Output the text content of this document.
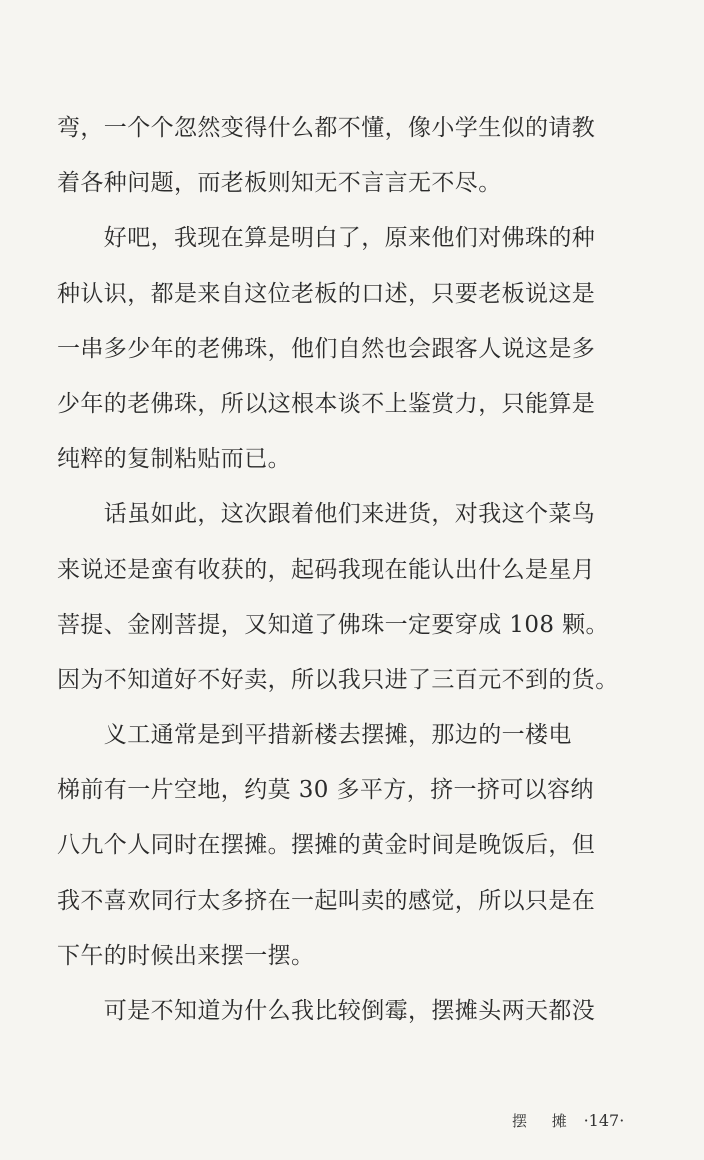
弯，一个个忽然变得什么都不懂，像小学生似的请教
着各种问题，而老板则知无不言言无不尽。
　　好吧，我现在算是明白了，原来他们对佛珠的种
种认识，都是来自这位老板的口述，只要老板说这是
一串多少年的老佛珠，他们自然也会跟客人说这是多
少年的老佛珠，所以这根本谈不上鉴赏力，只能算是
纯粹的复制粘贴而已。
　　话虽如此，这次跟着他们来进货，对我这个菜鸟
来说还是蛮有收获的，起码我现在能认出什么是星月
菩提、金刚菩提，又知道了佛珠一定要穿成 108 颗。
因为不知道好不好卖，所以我只进了三百元不到的货。
　　义工通常是到平措新楼去摆摊，那边的一楼电
梯前有一片空地，约莫 30 多平方，挤一挤可以容纳
八九个人同时在摆摊。摆摊的黄金时间是晚饭后，但
我不喜欢同行太多挤在一起叫卖的感觉，所以只是在
下午的时候出来摆一摆。
　　可是不知道为什么我比较倒霉，摆摊头两天都没
摆 摊 ·147·
